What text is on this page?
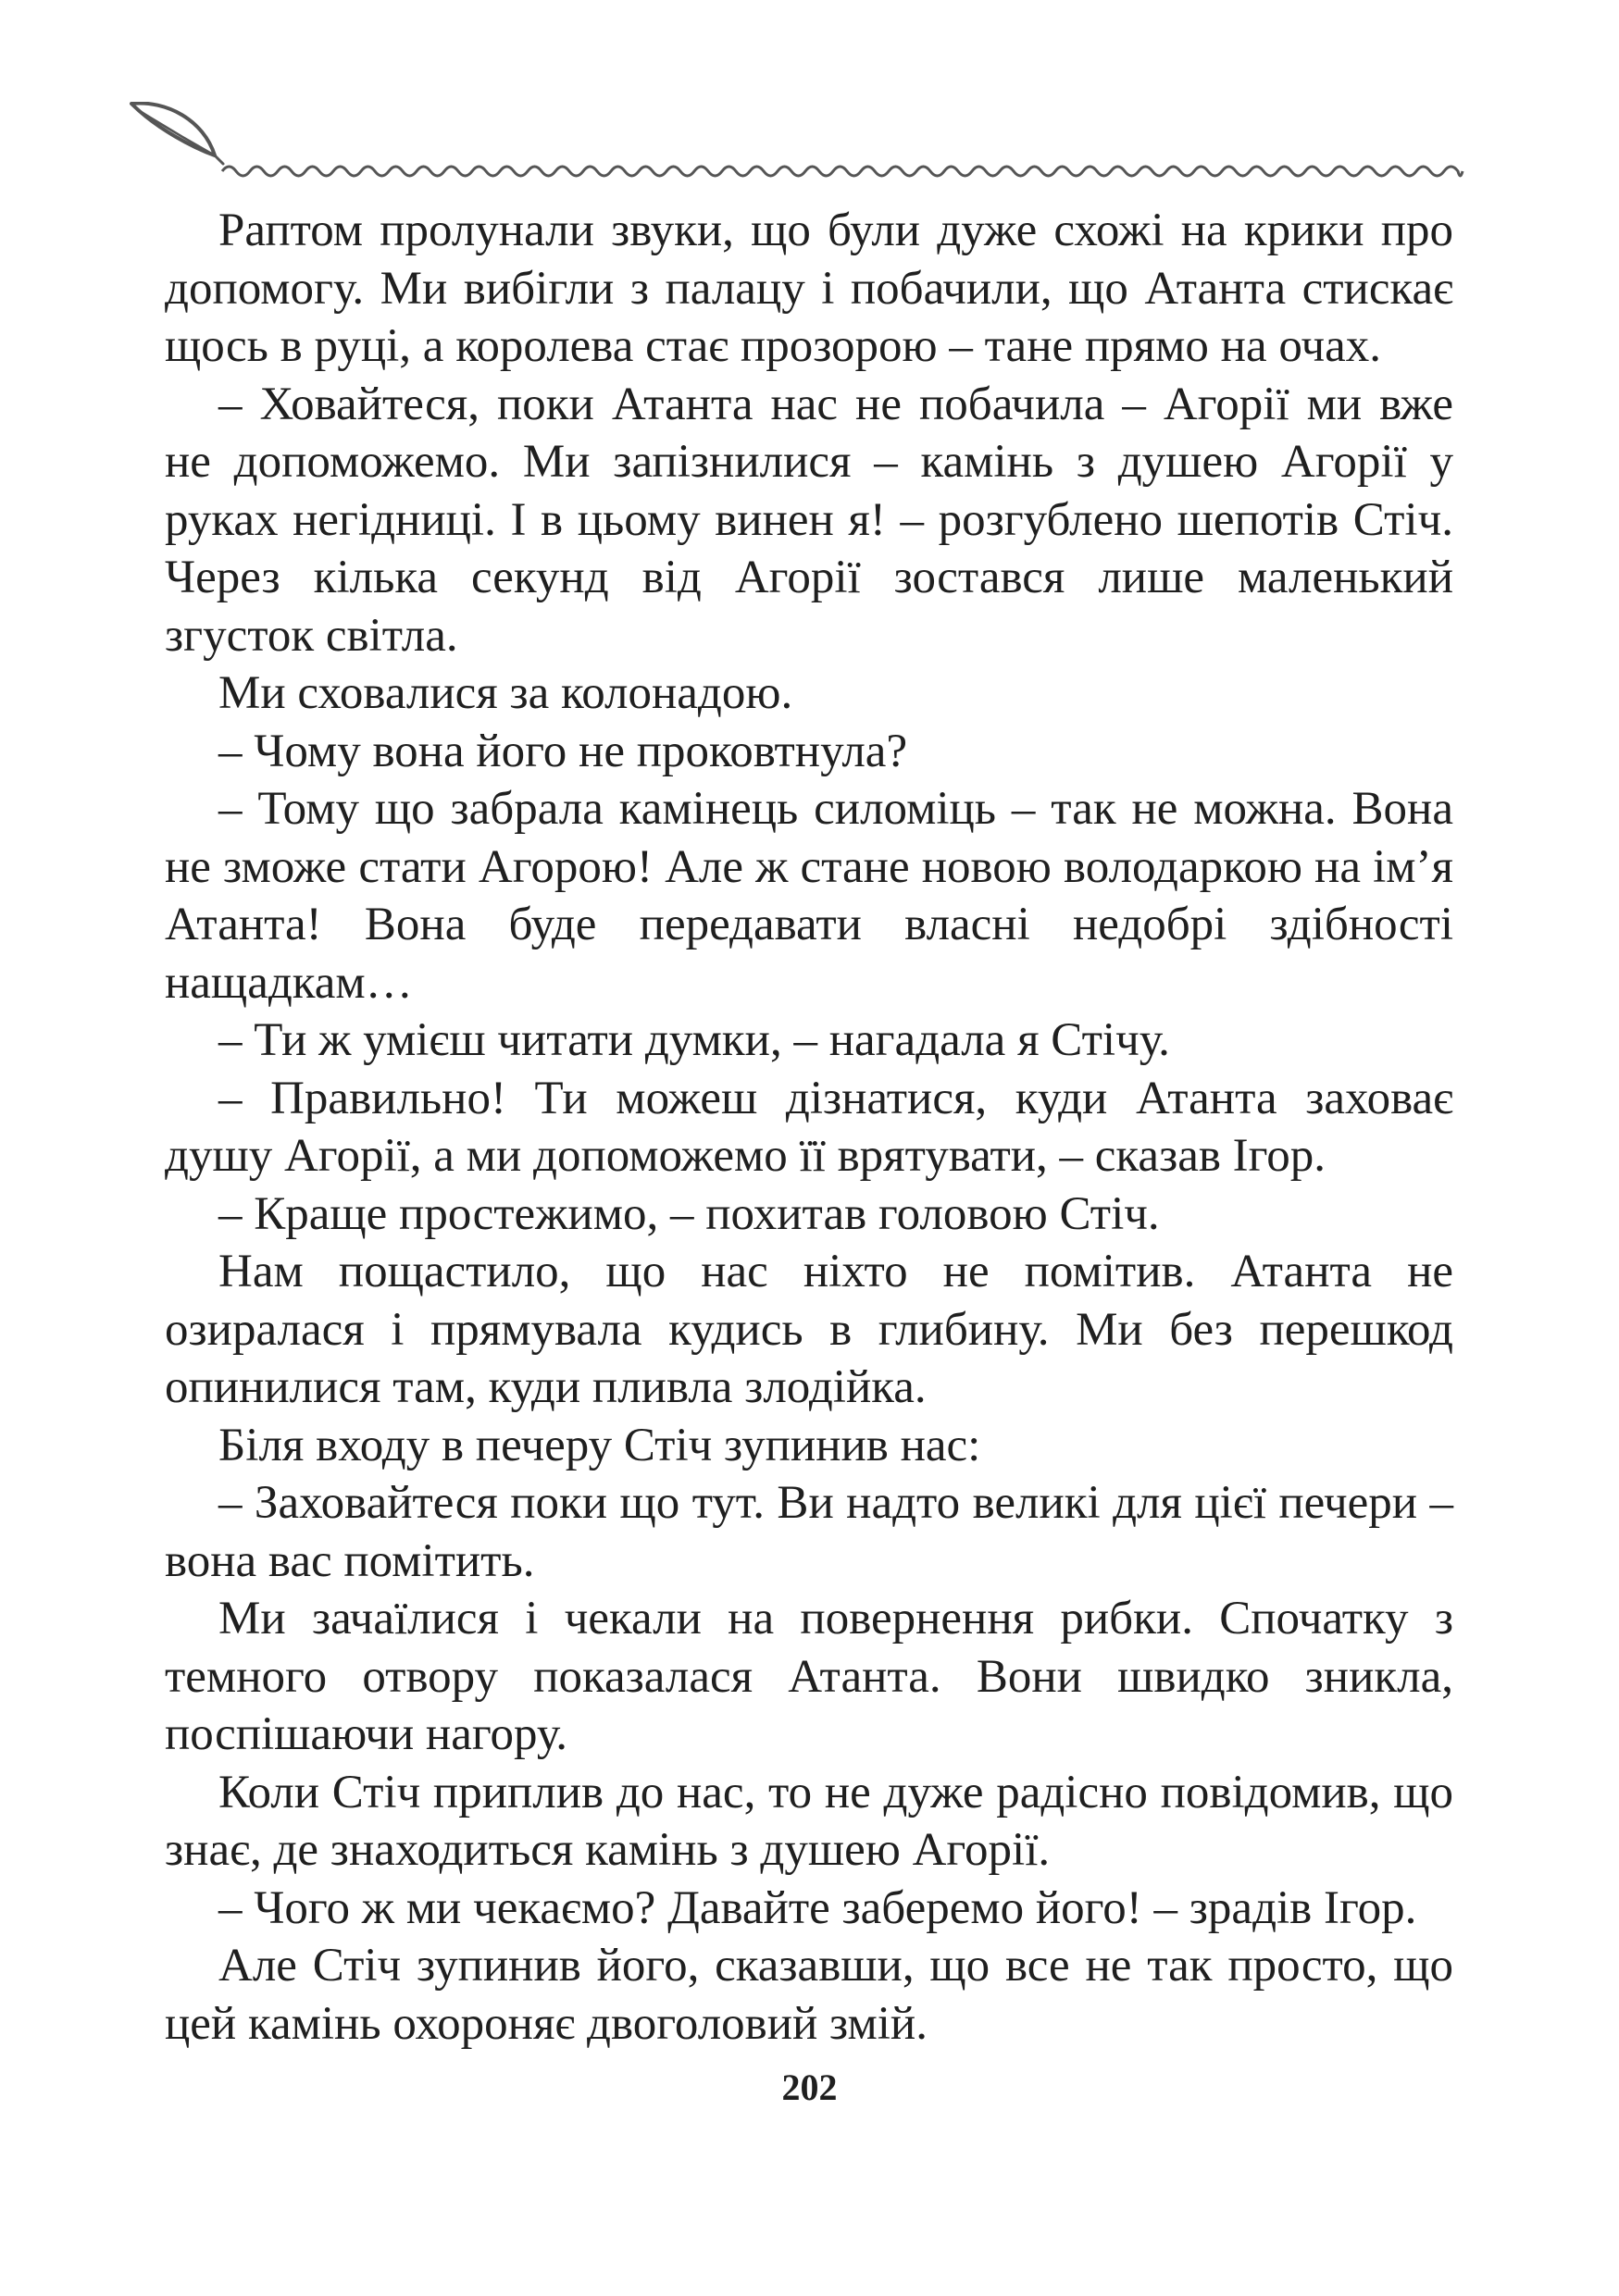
Раптом пролунали звуки, що були дуже схожі на крики про допомогу. Ми вибігли з палацу і побачили, що Атанта стискає щось в руці, а королева стає прозорою – тане прямо на очах.

– Ховайтеся, поки Атанта нас не побачила – Агорії ми вже не допоможемо. Ми запізнилися – камінь з душею Агорії у руках негідниці. І в цьому винен я! – розгублено шепотів Стіч. Через кілька секунд від Агорії зостався лише маленький згусток світла.

Ми сховалися за колонадою.

– Чому вона його не проковтнула?

– Тому що забрала камінець силоміць – так не можна. Вона не зможе стати Агорою! Але ж стане новою володаркою на ім’я Атанта! Вона буде передавати власні недобрі здібності нащадкам…

– Ти ж умієш читати думки, – нагадала я Стічу.

– Правильно! Ти можеш дізнатися, куди Атанта заховає душу Агорії, а ми допоможемо її врятувати, – сказав Ігор.

– Краще простежимо, – похитав головою Стіч.

Нам пощастило, що нас ніхто не помітив. Атанта не озиралася і прямувала кудись в глибину. Ми без перешкод опинилися там, куди пливла злодійка.

Біля входу в печеру Стіч зупинив нас:

– Заховайтеся поки що тут. Ви надто великі для цієї печери – вона вас помітить.

Ми зачаїлися і чекали на повернення рибки. Спочатку з темного отвору показалася Атанта. Вони швидко зникла, поспішаючи нагору.

Коли Стіч приплив до нас, то не дуже радісно повідомив, що знає, де знаходиться камінь з душею Агорії.

– Чого ж ми чекаємо? Давайте заберемо його! – зрадів Ігор.

Але Стіч зупинив його, сказавши, що все не так просто, що цей камінь охороняє двоголовий змій.

202
